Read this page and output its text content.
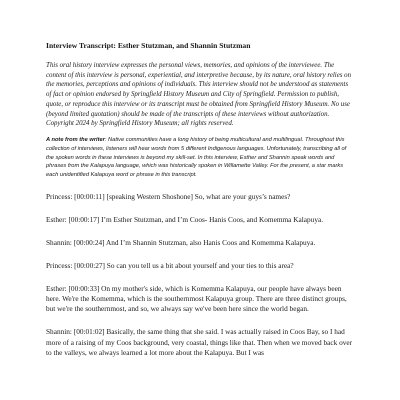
Interview Transcript: Esther Stutzman, and Shannin Stutzman
This oral history interview expresses the personal views, memories, and opinions of the interviewee. The content of this interview is personal, experiential, and interpretive because, by its nature, oral history relies on the memories, perceptions and opinions of individuals. This interview should not be understood as statements of fact or opinion endorsed by Springfield History Museum and City of Springfield. Permission to publish, quote, or reproduce this interview or its transcript must be obtained from Springfield History Museum. No use (beyond limited quotation) should be made of the transcripts of these interviews without authorization. Copyright 2024 by Springfield History Museum; all rights reserved.
A note from the writer: Native communities have a long history of being multicultural and multilingual. Throughout this collection of interviews, listeners will hear words from 5 different Indigenous languages. Unfortunately, transcribing all of the spoken words in these interviews is beyond my skill-set. In this interview, Esther and Shannin speak words and phrases from the Kalapuya language, which was historically spoken in Willamette Valley. For the present, a star marks each unidentified Kalapuya word or phrase in this transcript.
Princess: [00:00:11] [speaking Western Shoshone] So, what are your guys’s names?
Esther: [00:00:17] I’m Esther Stutzman, and I’m Coos- Hanis Coos, and Komemma Kalapuya.
Shannin: [00:00:24] And I’m Shannin Stutzman, also Hanis Coos and Komemma Kalapuya.
Princess: [00:00:27] So can you tell us a bit about yourself and your ties to this area?
Esther: [00:00:33] On my mother's side, which is Komemma Kalapuya, our people have always been here. We're the Komemma, which is the southernmost Kalapuya group. There are three distinct groups, but we're the southernmost, and so, we always say we've been here since the world began.
Shannin: [00:01:02] Basically, the same thing that she said. I was actually raised in Coos Bay, so I had more of a raising of my Coos background, very coastal, things like that. Then when we moved back over to the valleys, we always learned a lot more about the Kalapuya. But I was
